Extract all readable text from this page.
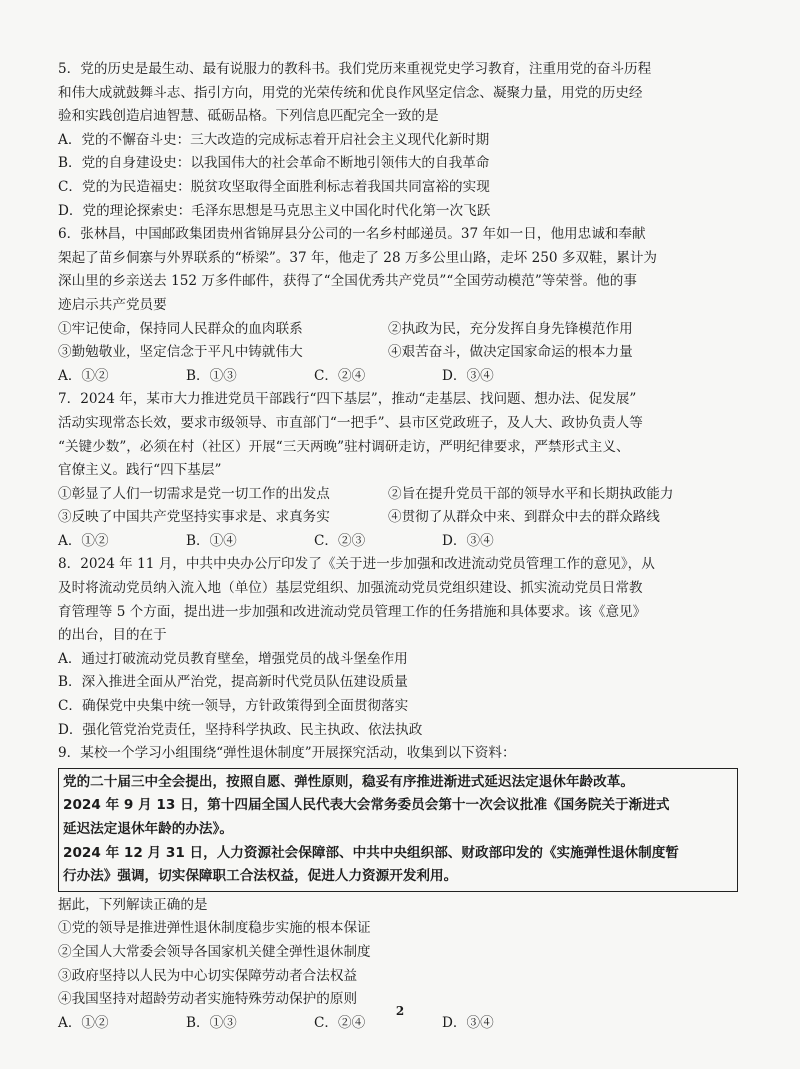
5．党的历史是最生动、最有说服力的教科书。我们党历来重视党史学习教育，注重用党的奋斗历程

和伟大成就鼓舞斗志、指引方向，用党的光荣传统和优良作风坚定信念、凝聚力量，用党的历史经

验和实践创造启迪智慧、砥砺品格。下列信息匹配完全一致的是

A．党的不懈奋斗史：三大改造的完成标志着开启社会主义现代化新时期

B．党的自身建设史：以我国伟大的社会革命不断地引领伟大的自我革命

C．党的为民造福史：脱贫攻坚取得全面胜利标志着我国共同富裕的实现

D．党的理论探索史：毛泽东思想是马克思主义中国化时代化第一次飞跃

6．张林昌，中国邮政集团贵州省锦屏县分公司的一名乡村邮递员。37 年如一日，他用忠诚和奉献

架起了苗乡侗寨与外界联系的“桥梁”。37 年，他走了 28 万多公里山路，走坏 250 多双鞋，累计为

深山里的乡亲送去 152 万多件邮件，获得了“全国优秀共产党员”“全国劳动模范”等荣誉。他的事

迹启示共产党员要

①牢记使命，保持同人民群众的血肉联系	②执政为民，充分发挥自身先锋模范作用
③勤勉敬业，坚定信念于平凡中铸就伟大	④艰苦奋斗，做决定国家命运的根本力量
A．①②	B．①③	C．②④	D．③④

7．2024 年，某市大力推进党员干部践行“四下基层”，推动“走基层、找问题、想办法、促发展”

活动实现常态长效，要求市级领导、市直部门“一把手”、县市区党政班子，及人大、政协负责人等

“关键少数”，必须在村（社区）开展“三天两晚”驻村调研走访，严明纪律要求，严禁形式主义、

官僚主义。践行“四下基层”

①彰显了人们一切需求是党一切工作的出发点	②旨在提升党员干部的领导水平和长期执政能力
③反映了中国共产党坚持实事求是、求真务实	④贯彻了从群众中来、到群众中去的群众路线
A．①②	B．①④	C．②③	D．③④

8．2024 年 11 月，中共中央办公厅印发了《关于进一步加强和改进流动党员管理工作的意见》，从

及时将流动党员纳入流入地（单位）基层党组织、加强流动党员党组织建设、抓实流动党员日常教

育管理等 5 个方面，提出进一步加强和改进流动党员管理工作的任务措施和具体要求。该《意见》

的出台，目的在于

A．通过打破流动党员教育壁垒，增强党员的战斗堡垒作用

B．深入推进全面从严治党，提高新时代党员队伍建设质量

C．确保党中央集中统一领导，方针政策得到全面贯彻落实

D．强化管党治党责任，坚持科学执政、民主执政、依法执政

9．某校一个学习小组围绕“弹性退休制度”开展探究活动，收集到以下资料：

党的二十届三中全会提出，按照自愿、弹性原则，稳妥有序推进渐进式延迟法定退休年龄改革。

2024 年 9 月 13 日，第十四届全国人民代表大会常务委员会第十一次会议批准《国务院关于渐进式

延迟法定退休年龄的办法》。

2024 年 12 月 31 日，人力资源社会保障部、中共中央组织部、财政部印发的《实施弹性退休制度暂

行办法》强调，切实保障职工合法权益，促进人力资源开发利用。

据此，下列解读正确的是

①党的领导是推进弹性退休制度稳步实施的根本保证

②全国人大常委会领导各国家机关健全弹性退休制度

③政府坚持以人民为中心切实保障劳动者合法权益

④我国坚持对超龄劳动者实施特殊劳动保护的原则

A．①②	B．①③	C．②④	D．③④
2
